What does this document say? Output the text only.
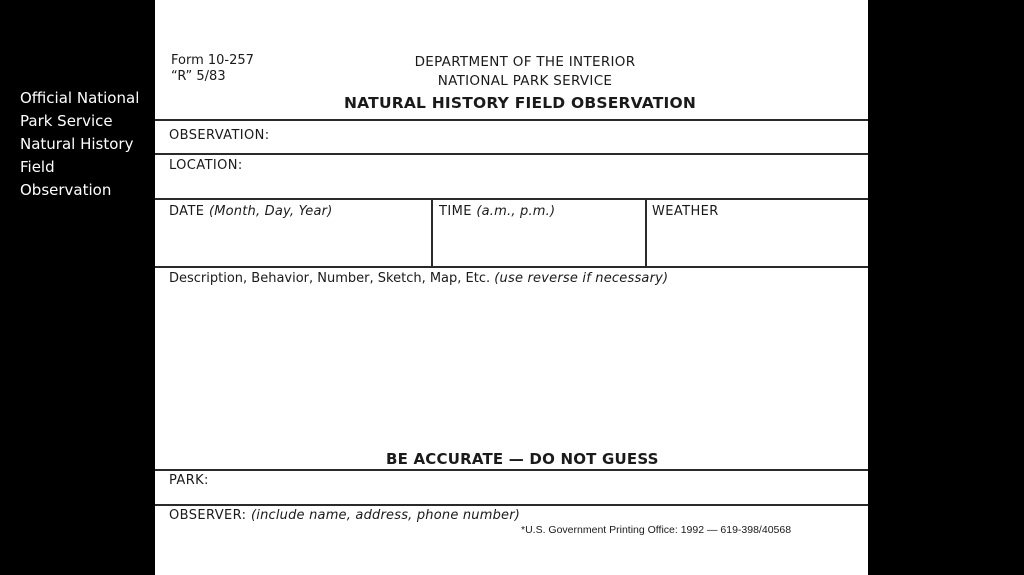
Official National Park Service Natural History Field Observation
Form 10-257
“R” 5/83
DEPARTMENT OF THE INTERIOR
NATIONAL PARK SERVICE
NATURAL HISTORY FIELD OBSERVATION
OBSERVATION:
LOCATION:
DATE (Month, Day, Year)	TIME (a.m., p.m.)	WEATHER
Description, Behavior, Number, Sketch, Map, Etc. (use reverse if necessary)
BE ACCURATE — DO NOT GUESS
PARK:
OBSERVER: (include name, address, phone number)
*U.S. Government Printing Office: 1992 — 619-398/40568
